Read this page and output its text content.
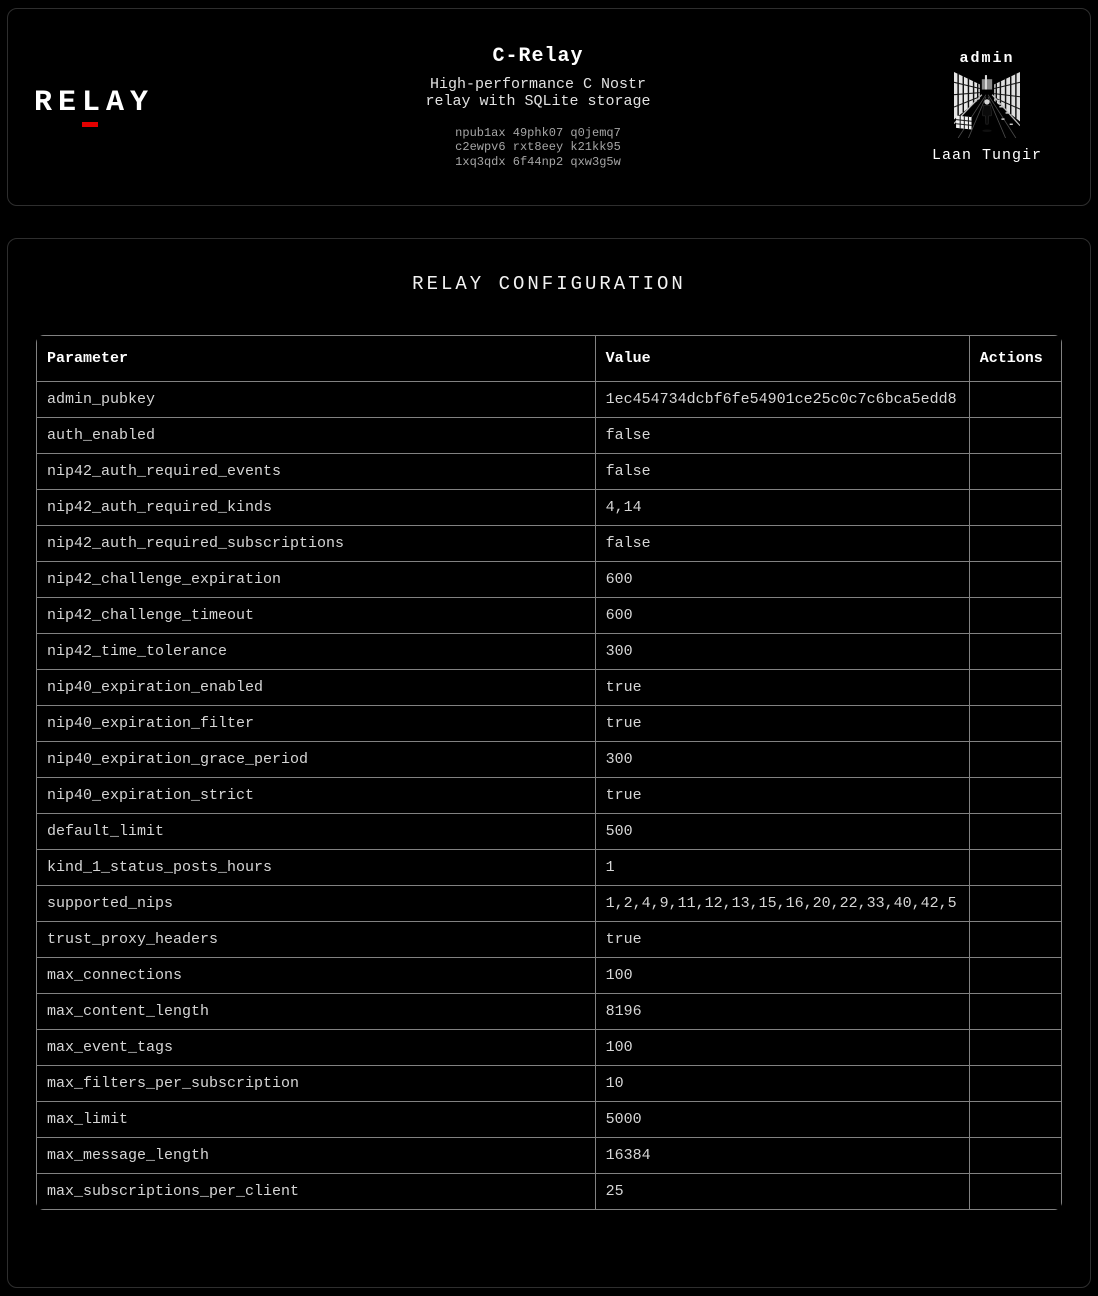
RELAY
C-Relay

High-performance C Nostr relay with SQLite storage

npub1ax 49phk07 q0jemq7
c2ewpv6 rxt8eey k21kk95
1xq3qdx 6f44np2 qxw3g5w
admin
Laan Tungir
RELAY CONFIGURATION
Parameter	Value	Actions
admin_pubkey	1ec454734dcbf6fe54901ce25c0c7c6bca5edd8	
auth_enabled	false	
nip42_auth_required_events	false	
nip42_auth_required_kinds	4,14	
nip42_auth_required_subscriptions	false	
nip42_challenge_expiration	600	
nip42_challenge_timeout	600	
nip42_time_tolerance	300	
nip40_expiration_enabled	true	
nip40_expiration_filter	true	
nip40_expiration_grace_period	300	
nip40_expiration_strict	true	
default_limit	500	
kind_1_status_posts_hours	1	
supported_nips	1,2,4,9,11,12,13,15,16,20,22,33,40,42,5	
trust_proxy_headers	true	
max_connections	100	
max_content_length	8196	
max_event_tags	100	
max_filters_per_subscription	10	
max_limit	5000	
max_message_length	16384	
max_subscriptions_per_client	25	
